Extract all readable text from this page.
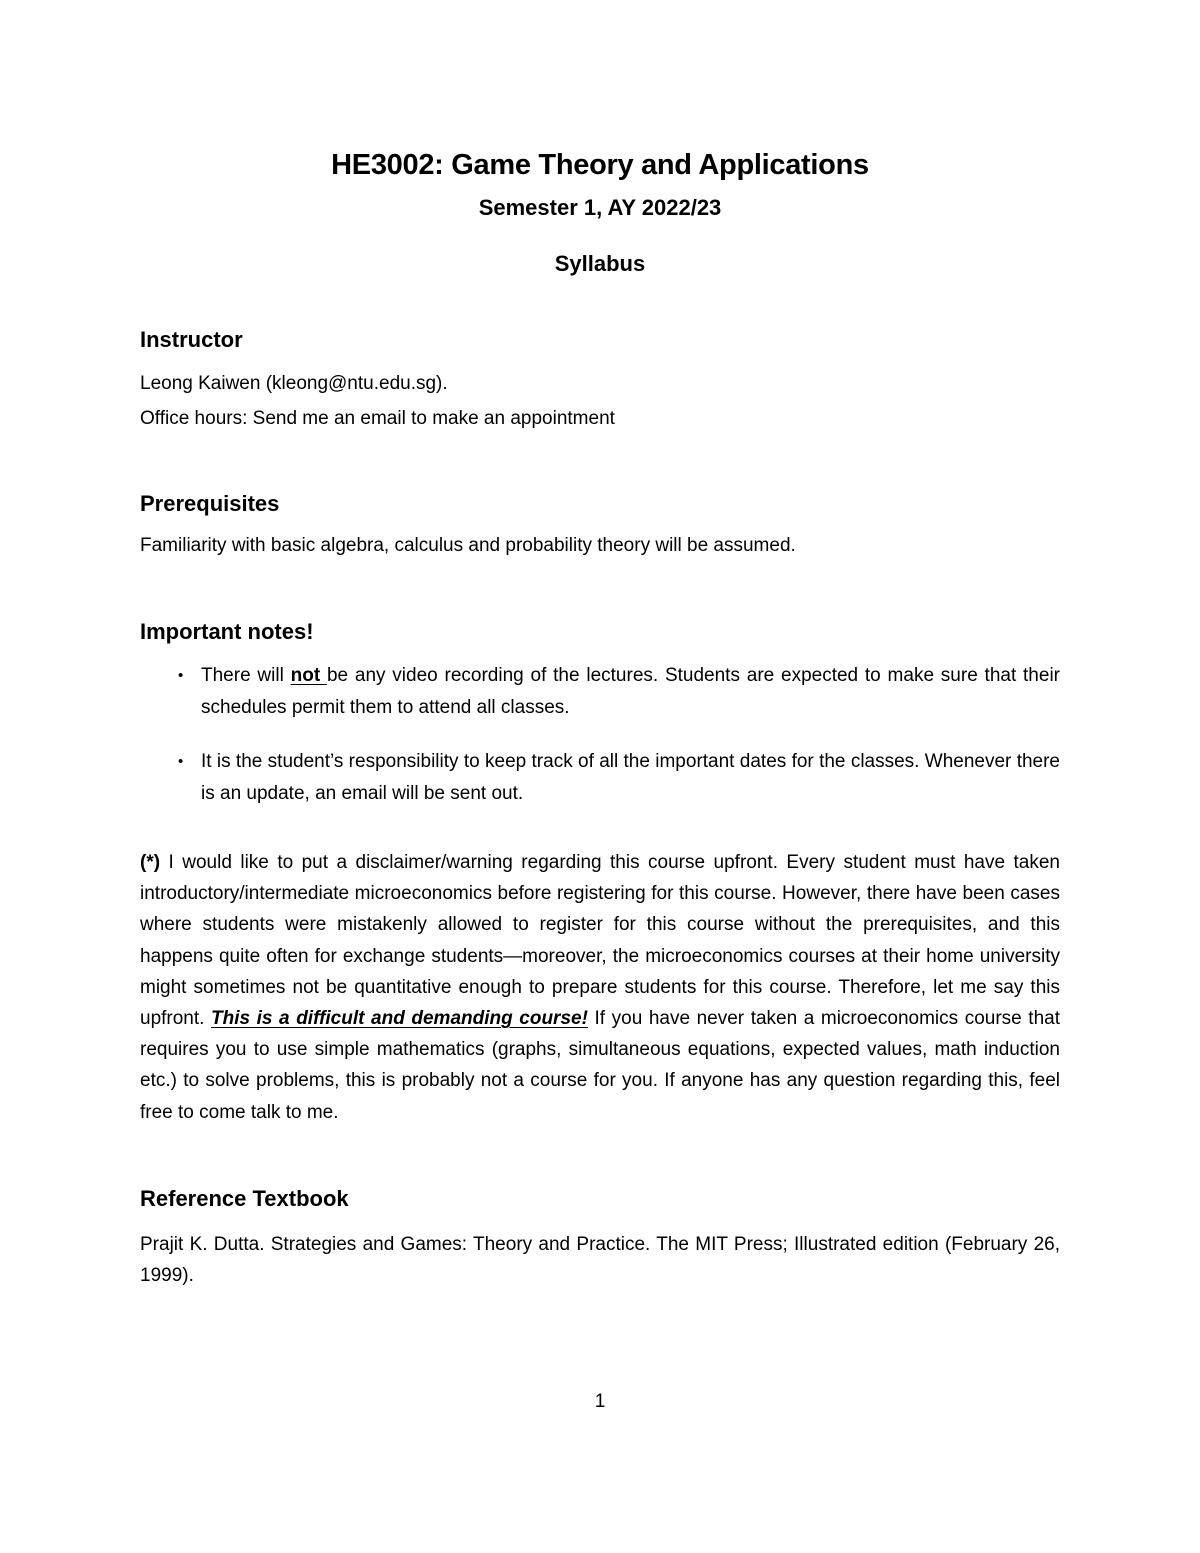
HE3002: Game Theory and Applications
Semester 1, AY 2022/23
Syllabus
Instructor
Leong Kaiwen (kleong@ntu.edu.sg).
Office hours: Send me an email to make an appointment
Prerequisites
Familiarity with basic algebra, calculus and probability theory will be assumed.
Important notes!
• There will not be any video recording of the lectures. Students are expected to make sure that their schedules permit them to attend all classes.
• It is the student’s responsibility to keep track of all the important dates for the classes. Whenever there is an update, an email will be sent out.
(*) I would like to put a disclaimer/warning regarding this course upfront. Every student must have taken introductory/intermediate microeconomics before registering for this course. However, there have been cases where students were mistakenly allowed to register for this course without the prerequisites, and this happens quite often for exchange students—moreover, the microeconomics courses at their home university might sometimes not be quantitative enough to prepare students for this course. Therefore, let me say this upfront. This is a difficult and demanding course! If you have never taken a microeconomics course that requires you to use simple mathematics (graphs, simultaneous equations, expected values, math induction etc.) to solve problems, this is probably not a course for you. If anyone has any question regarding this, feel free to come talk to me.
Reference Textbook
Prajit K. Dutta. Strategies and Games: Theory and Practice. The MIT Press; Illustrated edition (February 26, 1999).
1
